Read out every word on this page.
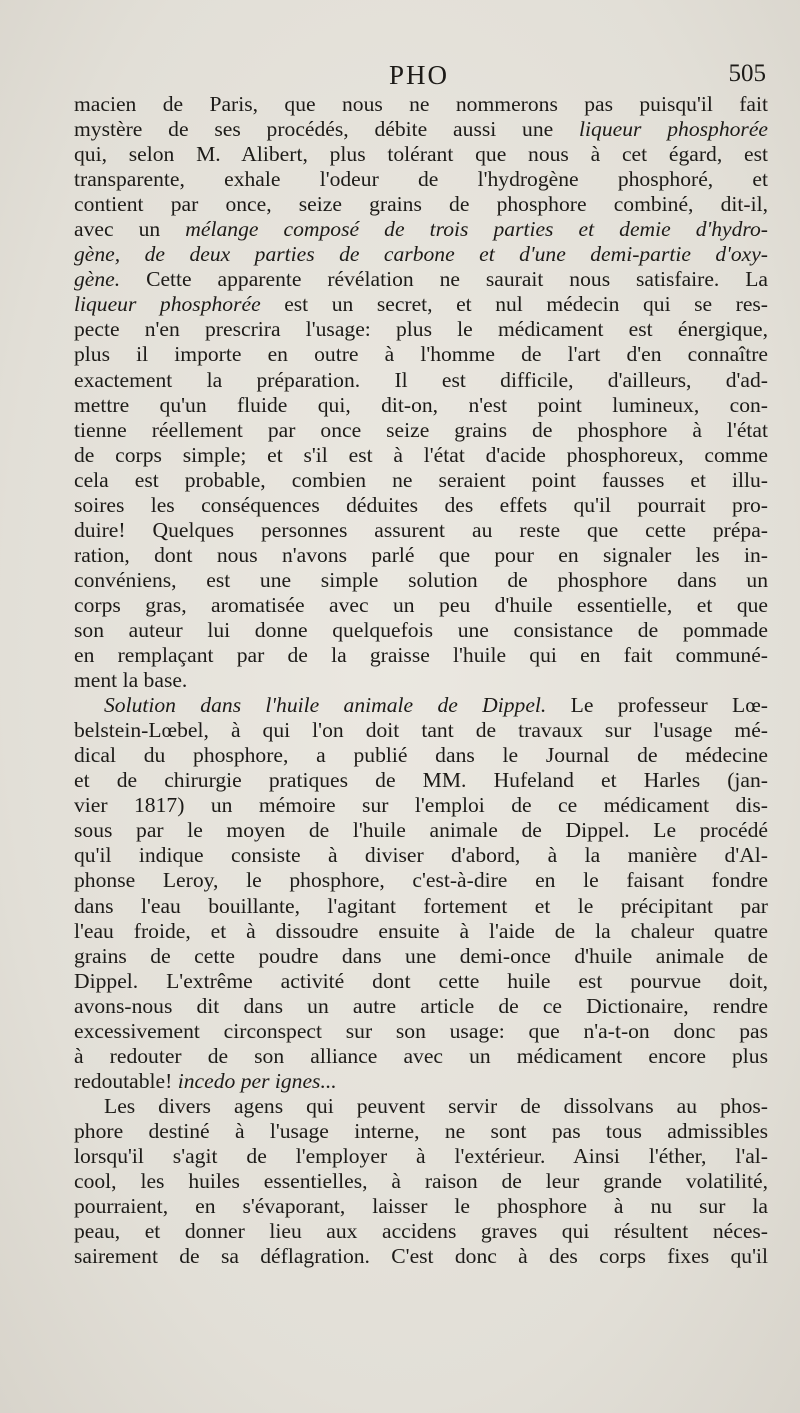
PHO	505
macien de Paris, que nous ne nommerons pas puisqu'il fait
mystère de ses procédés, débite aussi une liqueur phosphorée
qui, selon M. Alibert, plus tolérant que nous à cet égard, est
transparente, exhale l'odeur de l'hydrogène phosphoré, et
contient par once, seize grains de phosphore combiné, dit-il,
avec un mélange composé de trois parties et demie d'hydro-
gène, de deux parties de carbone et d'une demi-partie d'oxy-
gène. Cette apparente révélation ne saurait nous satisfaire. La
liqueur phosphorée est un secret, et nul médecin qui se res-
pecte n'en prescrira l'usage: plus le médicament est énergique,
plus il importe en outre à l'homme de l'art d'en connaître
exactement la préparation. Il est difficile, d'ailleurs, d'ad-
mettre qu'un fluide qui, dit-on, n'est point lumineux, con-
tienne réellement par once seize grains de phosphore à l'état
de corps simple; et s'il est à l'état d'acide phosphoreux, comme
cela est probable, combien ne seraient point fausses et illu-
soires les conséquences déduites des effets qu'il pourrait pro-
duire! Quelques personnes assurent au reste que cette prépa-
ration, dont nous n'avons parlé que pour en signaler les in-
convéniens, est une simple solution de phosphore dans un
corps gras, aromatisée avec un peu d'huile essentielle, et que
son auteur lui donne quelquefois une consistance de pommade
en remplaçant par de la graisse l'huile qui en fait communé-
ment la base.
Solution dans l'huile animale de Dippel. Le professeur Lœ-
belstein-Lœbel, à qui l'on doit tant de travaux sur l'usage mé-
dical du phosphore, a publié dans le Journal de médecine
et de chirurgie pratiques de MM. Hufeland et Harles (jan-
vier 1817) un mémoire sur l'emploi de ce médicament dis-
sous par le moyen de l'huile animale de Dippel. Le procédé
qu'il indique consiste à diviser d'abord, à la manière d'Al-
phonse Leroy, le phosphore, c'est-à-dire en le faisant fondre
dans l'eau bouillante, l'agitant fortement et le précipitant par
l'eau froide, et à dissoudre ensuite à l'aide de la chaleur quatre
grains de cette poudre dans une demi-once d'huile animale de
Dippel. L'extrême activité dont cette huile est pourvue doit,
avons-nous dit dans un autre article de ce Dictionaire, rendre
excessivement circonspect sur son usage: que n'a-t-on donc pas
à redouter de son alliance avec un médicament encore plus
redoutable! incedo per ignes...
Les divers agens qui peuvent servir de dissolvans au phos-
phore destiné à l'usage interne, ne sont pas tous admissibles
lorsqu'il s'agit de l'employer à l'extérieur. Ainsi l'éther, l'al-
cool, les huiles essentielles, à raison de leur grande volatilité,
pourraient, en s'évaporant, laisser le phosphore à nu sur la
peau, et donner lieu aux accidens graves qui résultent néces-
sairement de sa déflagration. C'est donc à des corps fixes qu'il
